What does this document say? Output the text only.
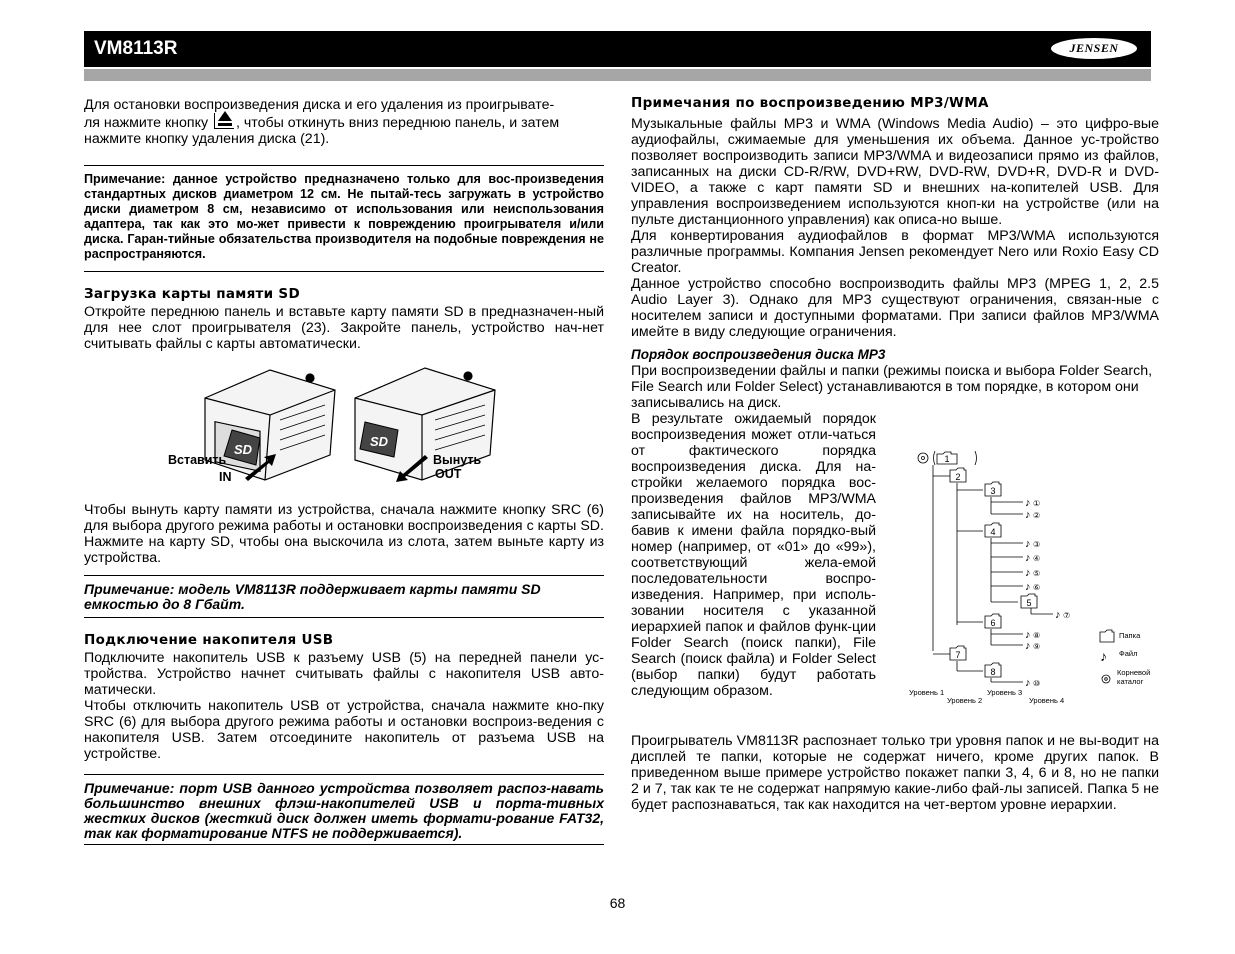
VM8113R	JENSEN

Для остановки воспроизведения диска и его удаления из проигрывате-

ля нажмите кнопку , чтобы откинуть вниз переднюю панель, и затем

нажмите кнопку удаления диска (21).

Примечание: данное устройство предназначено только для вос-произведения стандартных дисков диаметром 12 см. Не пытай-тесь загружать в устройство диски диаметром 8 см, независимо от использования или неиспользования адаптера, так как это мо-жет привести к повреждению проигрывателя и/или диска. Гаран-тийные обязательства производителя на подобные повреждения не распространяются.

Загрузка карты памяти SD

Откройте переднюю панель и вставьте карту памяти SD в предназначен-ный для нее слот проигрывателя (23). Закройте панель, устройство нач-нет считывать файлы с карты автоматически.

Чтобы вынуть карту памяти из устройства, сначала нажмите кнопку SRC (6) для выбора другого режима работы и остановки воспроизведения с карты SD. Нажмите на карту SD, чтобы она выскочила из слота, затем выньте карту из устройства.

Примечание: модель VM8113R поддерживает карты памяти SD емкостью до 8 Гбайт.

Подключение накопителя USB

Подключите накопитель USB к разъему USB (5) на передней панели ус-тройства. Устройство начнет считывать файлы с накопителя USB авто-матически.

Чтобы отключить накопитель USB от устройства, сначала нажмите кно-пку SRC (6) для выбора другого режима работы и остановки воспроиз-ведения с накопителя USB. Затем отсоедините накопитель от разъема USB на устройстве.

Примечание: порт USB данного устройства позволяет распоз-навать большинство внешних флэш-накопителей USB и порта-тивных жестких дисков (жесткий диск должен иметь формати-рование FAT32, так как форматирование NTFS не поддерживается).

SD
Вставить
IN
SD
Вынуть
OUT

Примечания по воспроизведению MP3/WMA

Музыкальные файлы MP3 и WMA (Windows Media Audio) – это цифро-вые аудиофайлы, сжимаемые для уменьшения их объема. Данное ус-тройство позволяет воспроизводить записи MP3/WMA и видеозаписи прямо из файлов, записанных на диски CD-R/RW, DVD+RW, DVD-RW, DVD+R, DVD-R и DVD-VIDEO, а также с карт памяти SD и внешних на-копителей USB. Для управления воспроизведением используются кноп-ки на устройстве (или на пульте дистанционного управления) как описа-но выше.

Для конвертирования аудиофайлов в формат MP3/WMA используются различные программы. Компания Jensen рекомендует Nero или Roxio Easy CD Creator.

Данное устройство способно воспроизводить файлы MP3 (MPEG 1, 2, 2.5 Audio Layer 3). Однако для MP3 существуют ограничения, связан-ные с носителем записи и доступными форматами. При записи файлов MP3/WMA имейте в виду следующие ограничения.

Порядок воспроизведения диска MP3

При воспроизведении файлы и папки (режимы поиска и выбора Folder Search, File Search или Folder Select) устанавливаются в том порядке, в котором они записывались на диск.

В результате ожидаемый порядок воспроизведения может отли-чаться от фактического порядка воспроизведения диска. Для на-стройки желаемого порядка вос-произведения файлов MP3/WMA записывайте их на носитель, до-бавив к имени файла порядко-вый номер (например, от «01» до «99»), соответствующий жела-емой последовательности воспро-изведения. Например, при исполь-зовании носителя с указанной иерархией папок и файлов функ-ции Folder Search (поиск папки), File Search (поиск файла) и Folder Select (выбор папки) будут работать следующим образом.

Проигрыватель VM8113R распознает только три уровня папок и не вы-водит на дисплей те папки, которые не содержат ничего, кроме других папок. В приведенном выше примере устройство покажет папки 3, 4, 6 и 8, но не папки 2 и 7, так как те не содержат напрямую какие-либо фай-лы записей. Папка 5 не будет распознаваться, так как находится на чет-вертом уровне иерархии.

1
2
3
4
5
6
7
8
♪ ①
♪ ②
♪ ③
♪ ④
♪ ⑤
♪ ⑥
♪ ⑦
♪ ⑧
♪ ⑨
♪ ⑩
♪
Уровень 1
Уровень 2
Уровень 3
Уровень 4
Папка
Файл
Корневой
каталог
68
